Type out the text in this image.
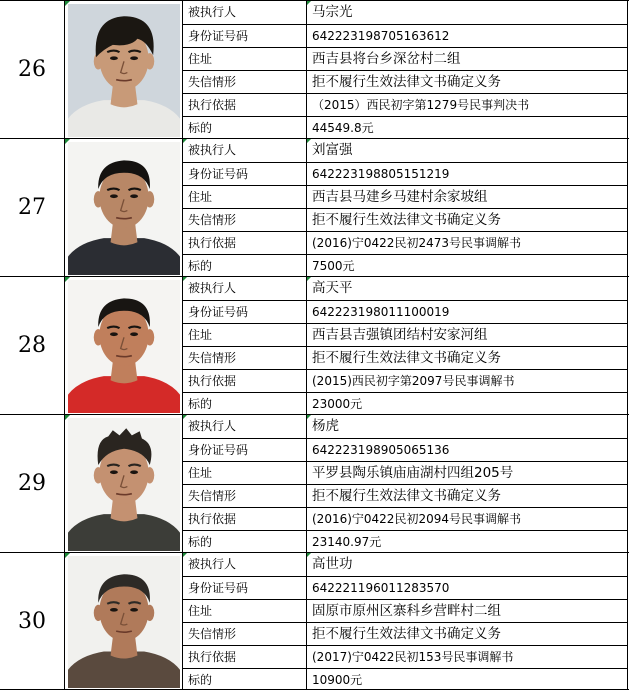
26
被执行人	马宗光
身份证号码	642223198705163612
住址	西吉县将台乡深岔村二组
失信情形	拒不履行生效法律文书确定义务
执行依据	（2015）西民初字第1279号民事判决书
标的	44549.8元
27
被执行人	刘富强
身份证号码	642223198805151219
住址	西吉县马建乡马建村余家坡组
失信情形	拒不履行生效法律文书确定义务
执行依据	(2016)宁0422民初2473号民事调解书
标的	7500元
28
被执行人	高天平
身份证号码	642223198011100019
住址	西吉县吉强镇团结村安家河组
失信情形	拒不履行生效法律文书确定义务
执行依据	(2015)西民初字第2097号民事调解书
标的	23000元
29
被执行人	杨虎
身份证号码	642223198905065136
住址	平罗县陶乐镇庙庙湖村四组205号
失信情形	拒不履行生效法律文书确定义务
执行依据	(2016)宁0422民初2094号民事调解书
标的	23140.97元
30
被执行人	高世功
身份证号码	642221196011283570
住址	固原市原州区寨科乡营畔村二组
失信情形	拒不履行生效法律文书确定义务
执行依据	(2017)宁0422民初153号民事调解书
标的	10900元
